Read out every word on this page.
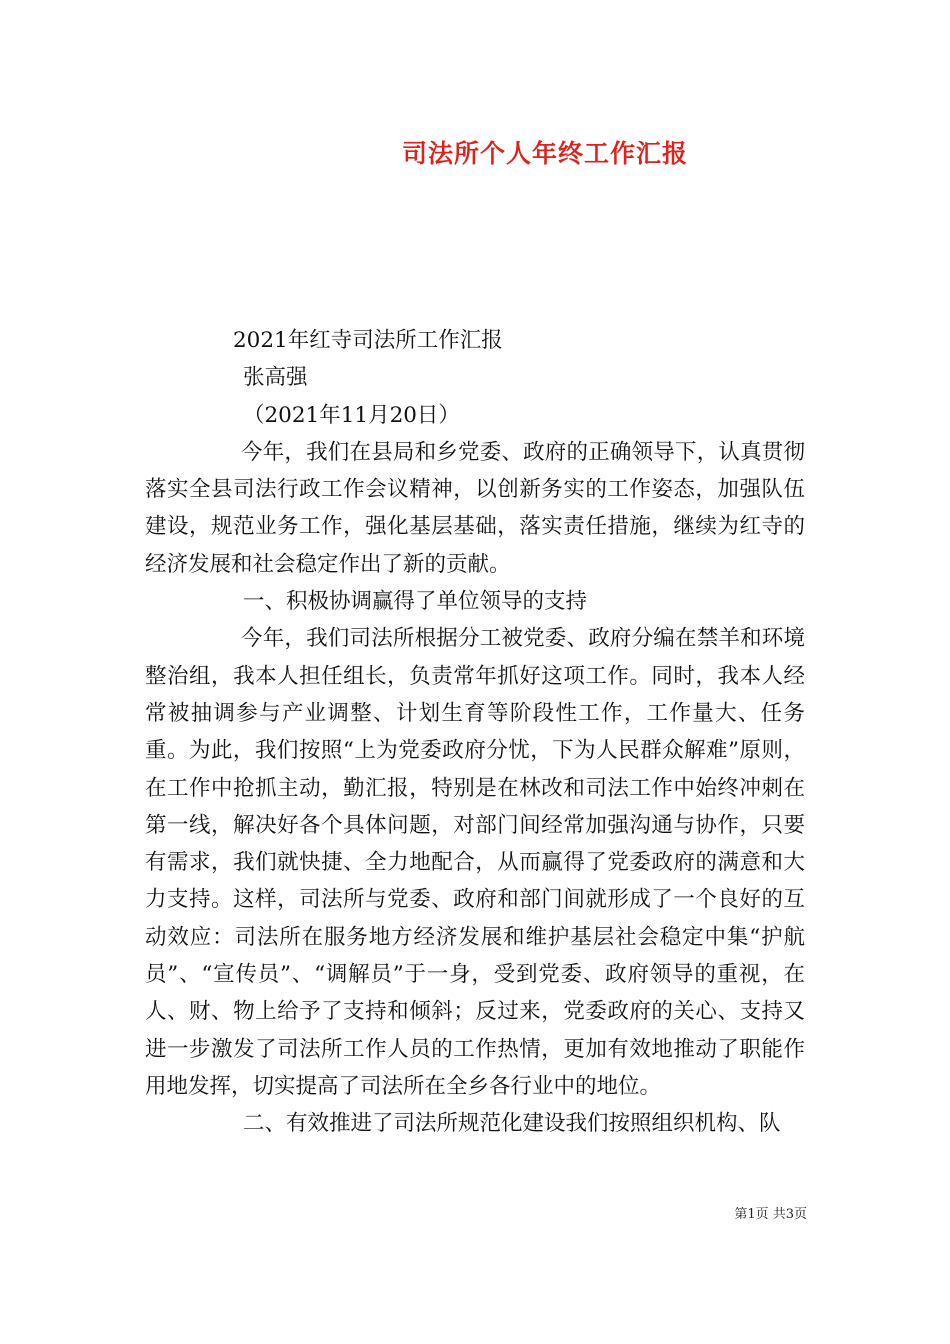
司法所个人年终工作汇报

2021年红寺司法所工作汇报

张高强

（2021年11月20日）

今年，我们在县局和乡党委、政府的正确领导下，认真贯彻落实全县司法行政工作会议精神，以创新务实的工作姿态，加强队伍建设，规范业务工作，强化基层基础，落实责任措施，继续为红寺的经济发展和社会稳定作出了新的贡献。

一、积极协调赢得了单位领导的支持

今年，我们司法所根据分工被党委、政府分编在禁羊和环境整治组，我本人担任组长，负责常年抓好这项工作。同时，我本人经常被抽调参与产业调整、计划生育等阶段性工作，工作量大、任务重。为此，我们按照“上为党委政府分忧，下为人民群众解难”原则，在工作中抢抓主动，勤汇报，特别是在林改和司法工作中始终冲刺在第一线，解决好各个具体问题，对部门间经常加强沟通与协作，只要有需求，我们就快捷、全力地配合，从而赢得了党委政府的满意和大力支持。这样，司法所与党委、政府和部门间就形成了一个良好的互动效应：司法所在服务地方经济发展和维护基层社会稳定中集“护航员”、“宣传员”、“调解员”于一身，受到党委、政府领导的重视，在人、财、物上给予了支持和倾斜；反过来，党委政府的关心、支持又进一步激发了司法所工作人员的工作热情，更加有效地推动了职能作用地发挥，切实提高了司法所在全乡各行业中的地位。

二、有效推进了司法所规范化建设我们按照组织机构、队

第1页 共3页
